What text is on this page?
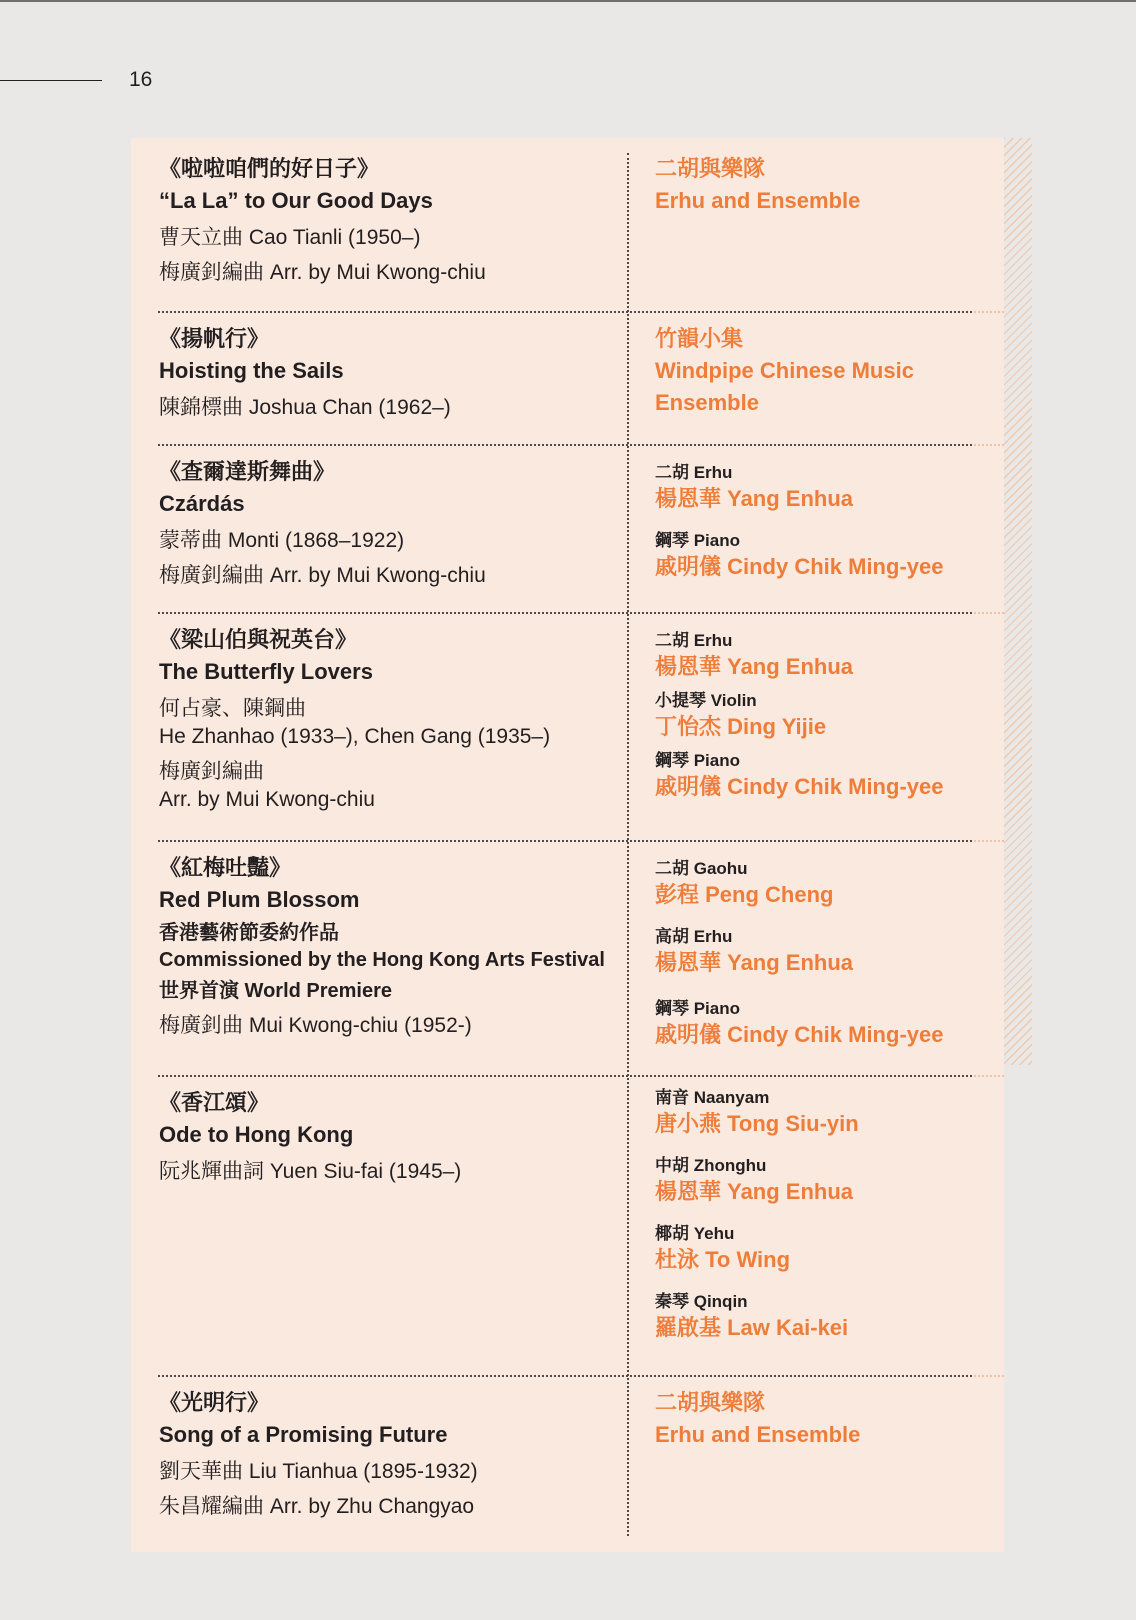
16
《啦啦咱們的好日子》
“La La” to Our Good Days
曹天立曲 Cao Tianli (1950–)
梅廣釗編曲 Arr. by Mui Kwong-chiu
二胡與樂隊
Erhu and Ensemble
《揚帆行》
Hoisting the Sails
陳錦標曲 Joshua Chan (1962–)
竹韻小集
Windpipe Chinese Music
Ensemble
《查爾達斯舞曲》
Czárdás
蒙蒂曲 Monti (1868–1922)
梅廣釗編曲 Arr. by Mui Kwong-chiu
二胡 Erhu
楊恩華 Yang Enhua
鋼琴 Piano
戚明儀 Cindy Chik Ming-yee
《梁山伯與祝英台》
The Butterfly Lovers
何占豪、陳鋼曲
He Zhanhao (1933–), Chen Gang (1935–)
梅廣釗編曲
Arr. by Mui Kwong-chiu
二胡 Erhu
楊恩華 Yang Enhua
小提琴 Violin
丁怡杰 Ding Yijie
鋼琴 Piano
戚明儀 Cindy Chik Ming-yee
《紅梅吐豔》
Red Plum Blossom
香港藝術節委約作品
Commissioned by the Hong Kong Arts Festival
世界首演 World Premiere
梅廣釗曲 Mui Kwong-chiu (1952-)
二胡 Gaohu
彭程 Peng Cheng
高胡 Erhu
楊恩華 Yang Enhua
鋼琴 Piano
戚明儀 Cindy Chik Ming-yee
《香江頌》
Ode to Hong Kong
阮兆輝曲詞 Yuen Siu-fai (1945–)
南音 Naanyam
唐小燕 Tong Siu-yin
中胡 Zhonghu
楊恩華 Yang Enhua
椰胡 Yehu
杜泳 To Wing
秦琴 Qinqin
羅啟基 Law Kai-kei
《光明行》
Song of a Promising Future
劉天華曲 Liu Tianhua (1895-1932)
朱昌耀編曲 Arr. by Zhu Changyao
二胡與樂隊
Erhu and Ensemble
